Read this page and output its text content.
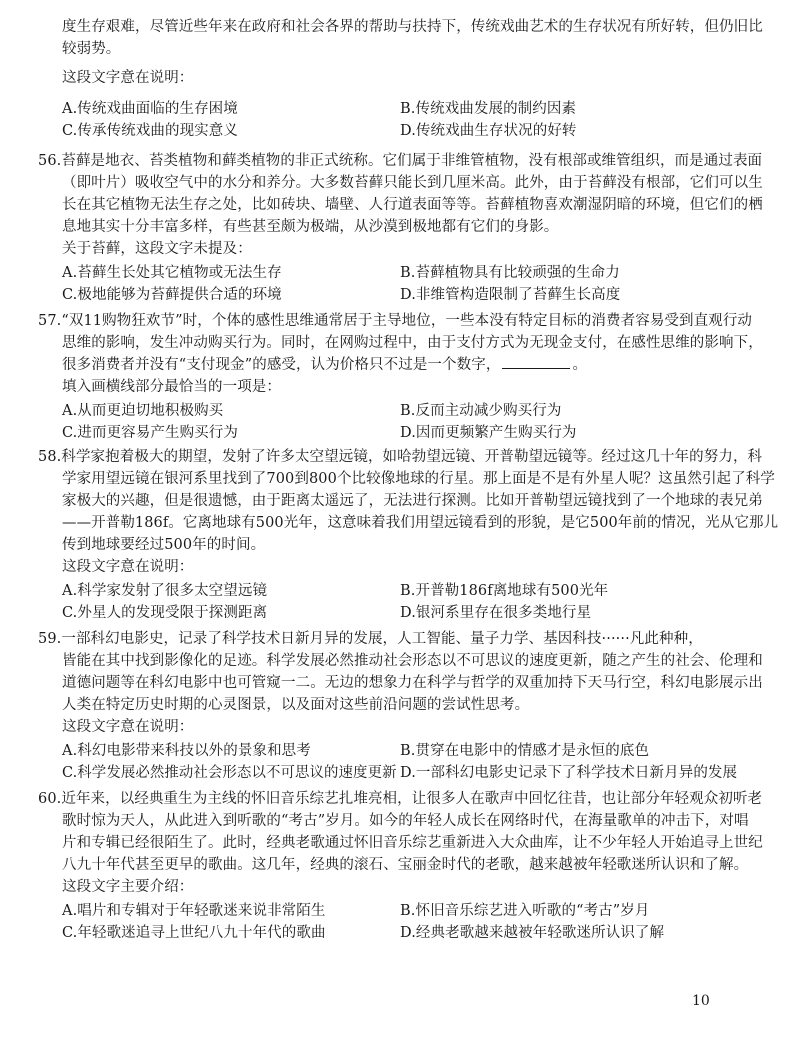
度生存艰难，尽管近些年来在政府和社会各界的帮助与扶持下，传统戏曲艺术的生存状况有所好转，但仍旧比
较弱势。
这段文字意在说明：
A.传统戏曲面临的生存困境	B.传统戏曲发展的制约因素
C.传承传统戏曲的现实意义	D.传统戏曲生存状况的好转
56.苔藓是地衣、苔类植物和藓类植物的非正式统称。它们属于非维管植物，没有根部或维管组织，而是通过表面
（即叶片）吸收空气中的水分和养分。大多数苔藓只能长到几厘米高。此外，由于苔藓没有根部，它们可以生
长在其它植物无法生存之处，比如砖块、墙壁、人行道表面等等。苔藓植物喜欢潮湿阴暗的环境，但它们的栖
息地其实十分丰富多样，有些甚至颇为极端，从沙漠到极地都有它们的身影。
关于苔藓，这段文字未提及：
A.苔藓生长处其它植物或无法生存	B.苔藓植物具有比较顽强的生命力
C.极地能够为苔藓提供合适的环境	D.非维管构造限制了苔藓生长高度
57.“双11购物狂欢节”时，个体的感性思维通常居于主导地位，一些本没有特定目标的消费者容易受到直观行动
思维的影响，发生冲动购买行为。同时，在网购过程中，由于支付方式为无现金支付，在感性思维的影响下，
很多消费者并没有“支付现金”的感受，认为价格只不过是一个数字，	。
填入画横线部分最恰当的一项是：
A.从而更迫切地积极购买	B.反而主动减少购买行为
C.进而更容易产生购买行为	D.因而更频繁产生购买行为
58.科学家抱着极大的期望，发射了许多太空望远镜，如哈勃望远镜、开普勒望远镜等。经过这几十年的努力，科
学家用望远镜在银河系里找到了700到800个比较像地球的行星。那上面是不是有外星人呢？这虽然引起了科学
家极大的兴趣，但是很遗憾，由于距离太遥远了，无法进行探测。比如开普勒望远镜找到了一个地球的表兄弟
——开普勒186f。它离地球有500光年，这意味着我们用望远镜看到的形貌，是它500年前的情况，光从它那儿
传到地球要经过500年的时间。
这段文字意在说明：
A.科学家发射了很多太空望远镜	B.开普勒186f离地球有500光年
C.外星人的发现受限于探测距离	D.银河系里存在很多类地行星
59.一部科幻电影史，记录了科学技术日新月异的发展，人工智能、量子力学、基因科技······凡此种种，
皆能在其中找到影像化的足迹。科学发展必然推动社会形态以不可思议的速度更新，随之产生的社会、伦理和
道德问题等在科幻电影中也可管窥一二。无边的想象力在科学与哲学的双重加持下天马行空，科幻电影展示出
人类在特定历史时期的心灵图景，以及面对这些前沿问题的尝试性思考。
这段文字意在说明：
A.科幻电影带来科技以外的景象和思考	B.贯穿在电影中的情感才是永恒的底色
C.科学发展必然推动社会形态以不可思议的速度更新 D.一部科幻电影史记录下了科学技术日新月异的发展
60.近年来，以经典重生为主线的怀旧音乐综艺扎堆亮相，让很多人在歌声中回忆往昔，也让部分年轻观众初听老
歌时惊为天人，从此进入到听歌的“考古”岁月。如今的年轻人成长在网络时代，在海量歌单的冲击下，对唱
片和专辑已经很陌生了。此时，经典老歌通过怀旧音乐综艺重新进入大众曲库，让不少年轻人开始追寻上世纪
八九十年代甚至更早的歌曲。这几年，经典的滚石、宝丽金时代的老歌，越来越被年轻歌迷所认识和了解。
这段文字主要介绍：
A.唱片和专辑对于年轻歌迷来说非常陌生	B.怀旧音乐综艺进入听歌的“考古”岁月
C.年轻歌迷追寻上世纪八九十年代的歌曲	D.经典老歌越来越被年轻歌迷所认识了解
10
